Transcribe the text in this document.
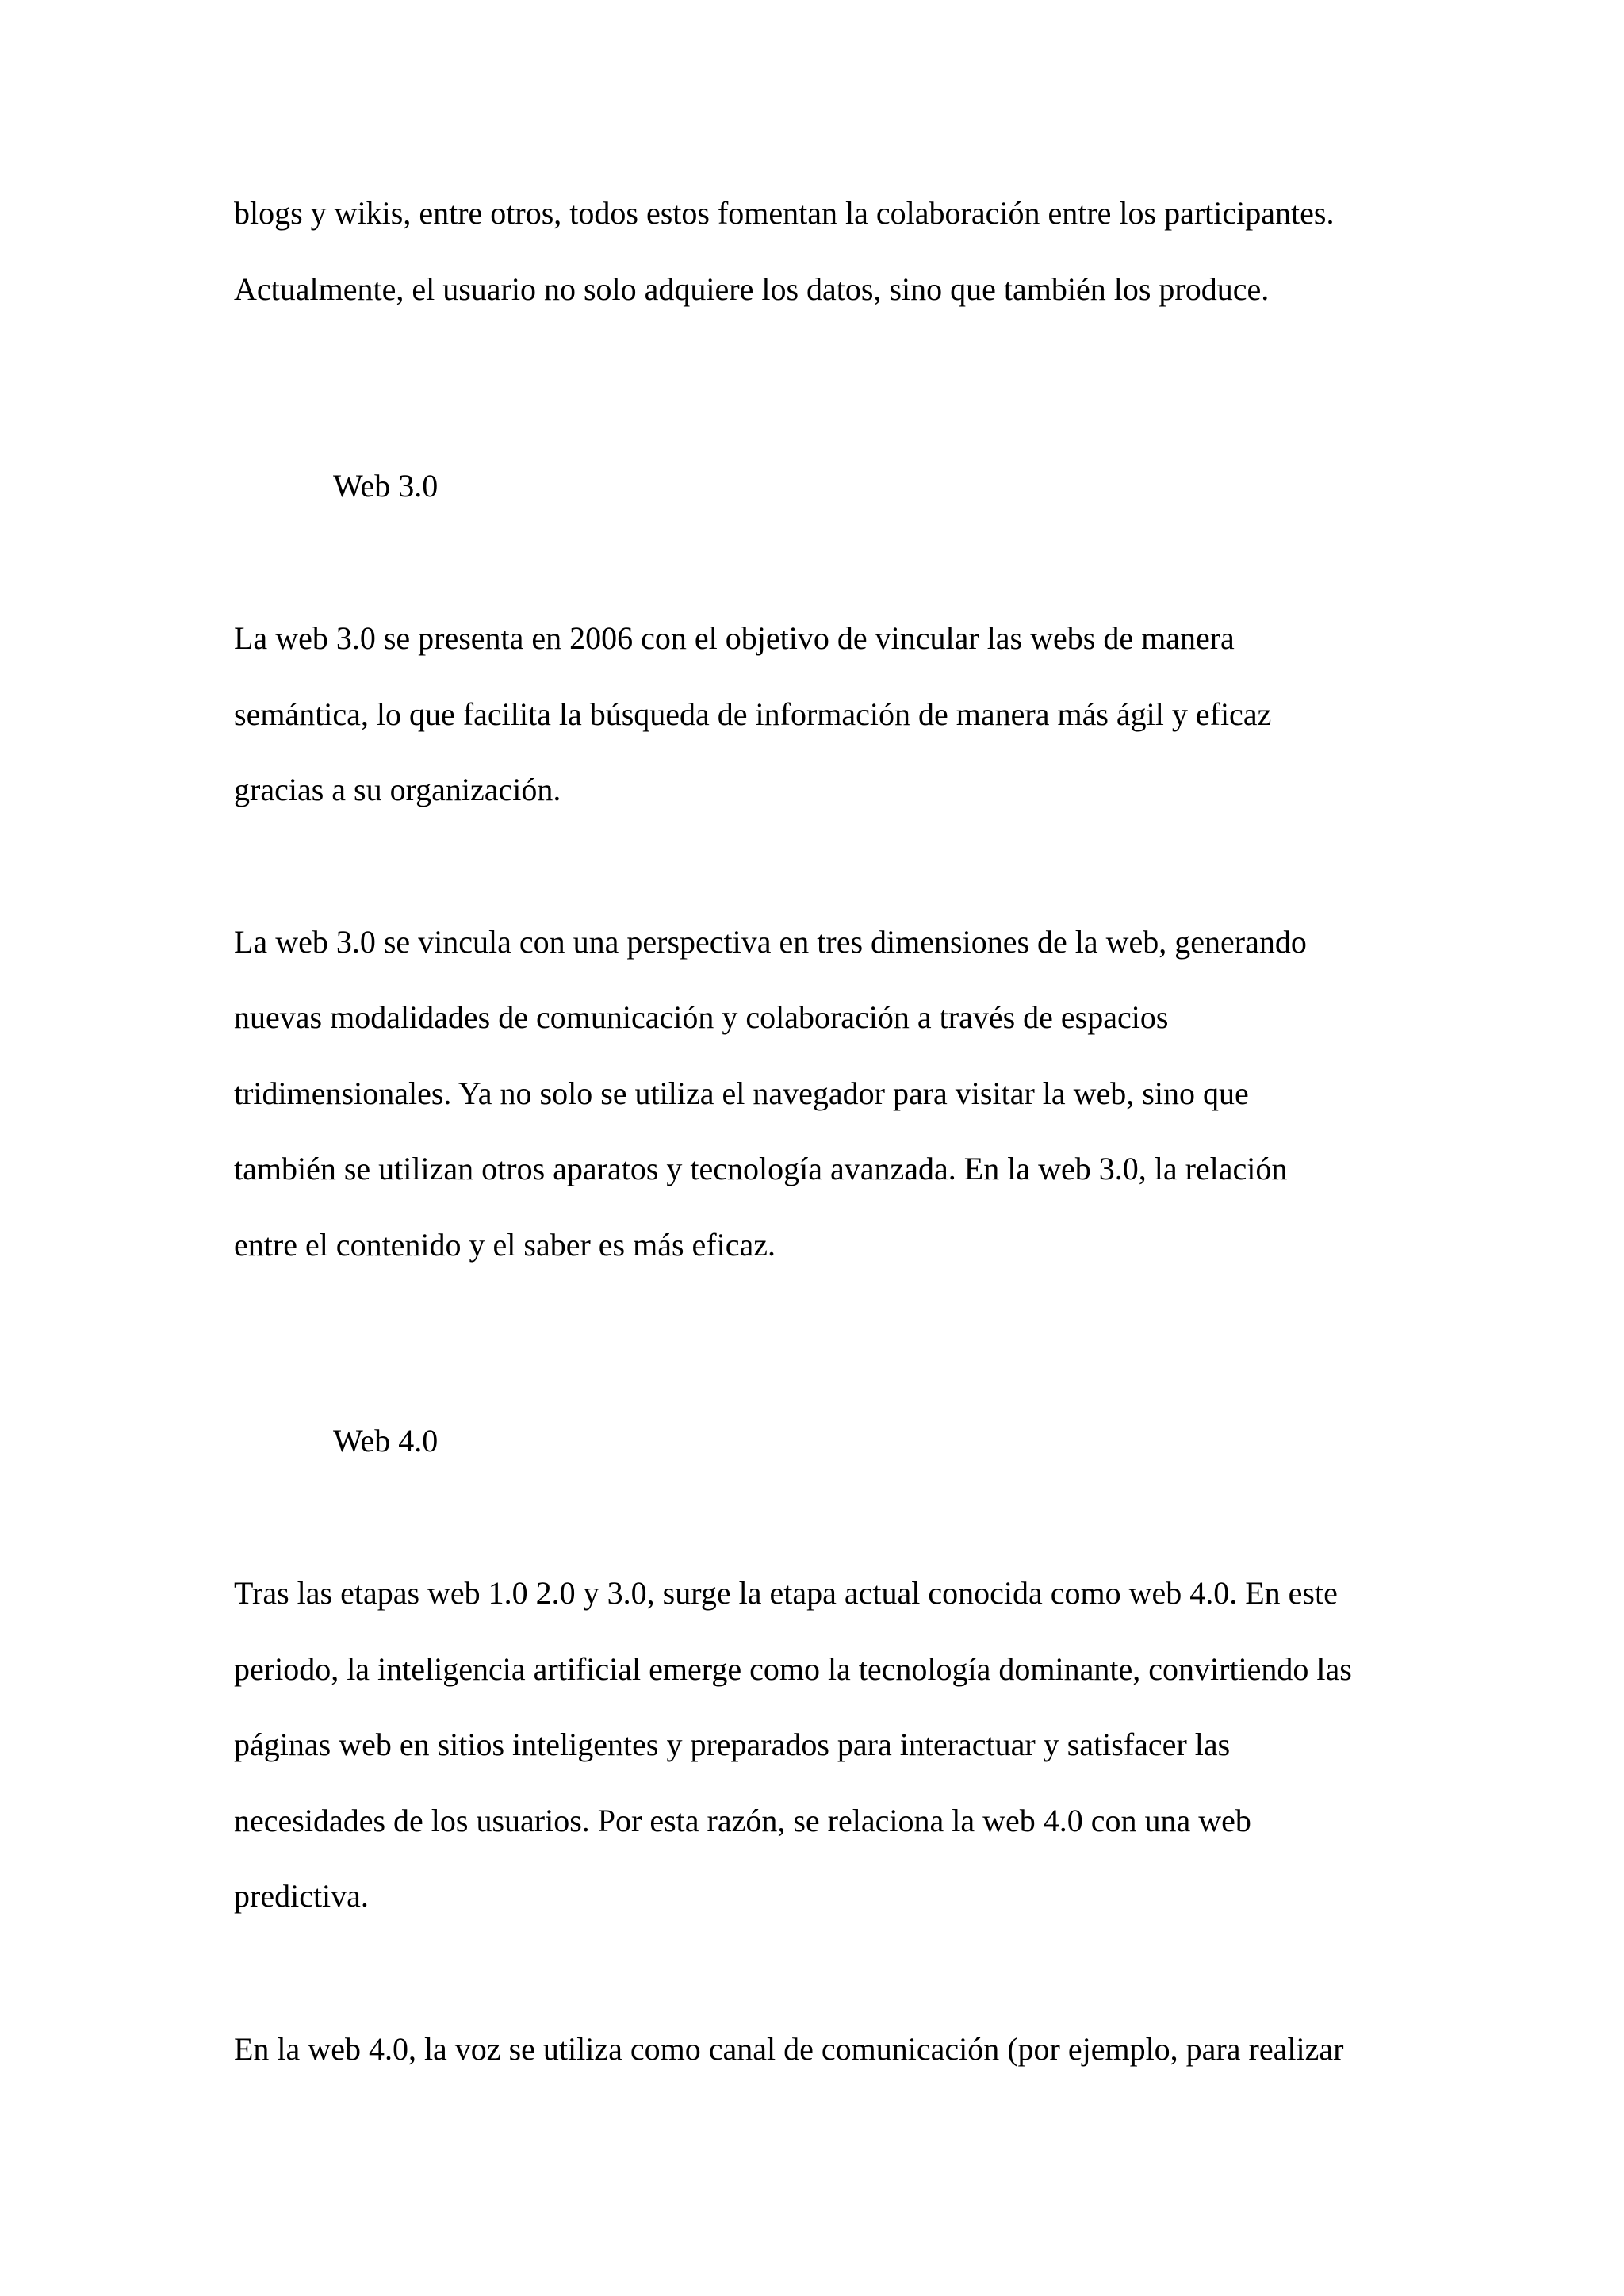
blogs y wikis, entre otros, todos estos fomentan la colaboración entre los participantes.

Actualmente, el usuario no solo adquiere los datos, sino que también los produce.

Web 3.0

La web 3.0 se presenta en 2006 con el objetivo de vincular las webs de manera

semántica, lo que facilita la búsqueda de información de manera más ágil y eficaz

gracias a su organización.

La web 3.0 se vincula con una perspectiva en tres dimensiones de la web, generando

nuevas modalidades de comunicación y colaboración a través de espacios

tridimensionales. Ya no solo se utiliza el navegador para visitar la web, sino que

también se utilizan otros aparatos y tecnología avanzada. En la web 3.0, la relación

entre el contenido y el saber es más eficaz.

Web 4.0

Tras las etapas web 1.0 2.0 y 3.0, surge la etapa actual conocida como web 4.0. En este

periodo, la inteligencia artificial emerge como la tecnología dominante, convirtiendo las

páginas web en sitios inteligentes y preparados para interactuar y satisfacer las

necesidades de los usuarios. Por esta razón, se relaciona la web 4.0 con una web

predictiva.

En la web 4.0, la voz se utiliza como canal de comunicación (por ejemplo, para realizar
